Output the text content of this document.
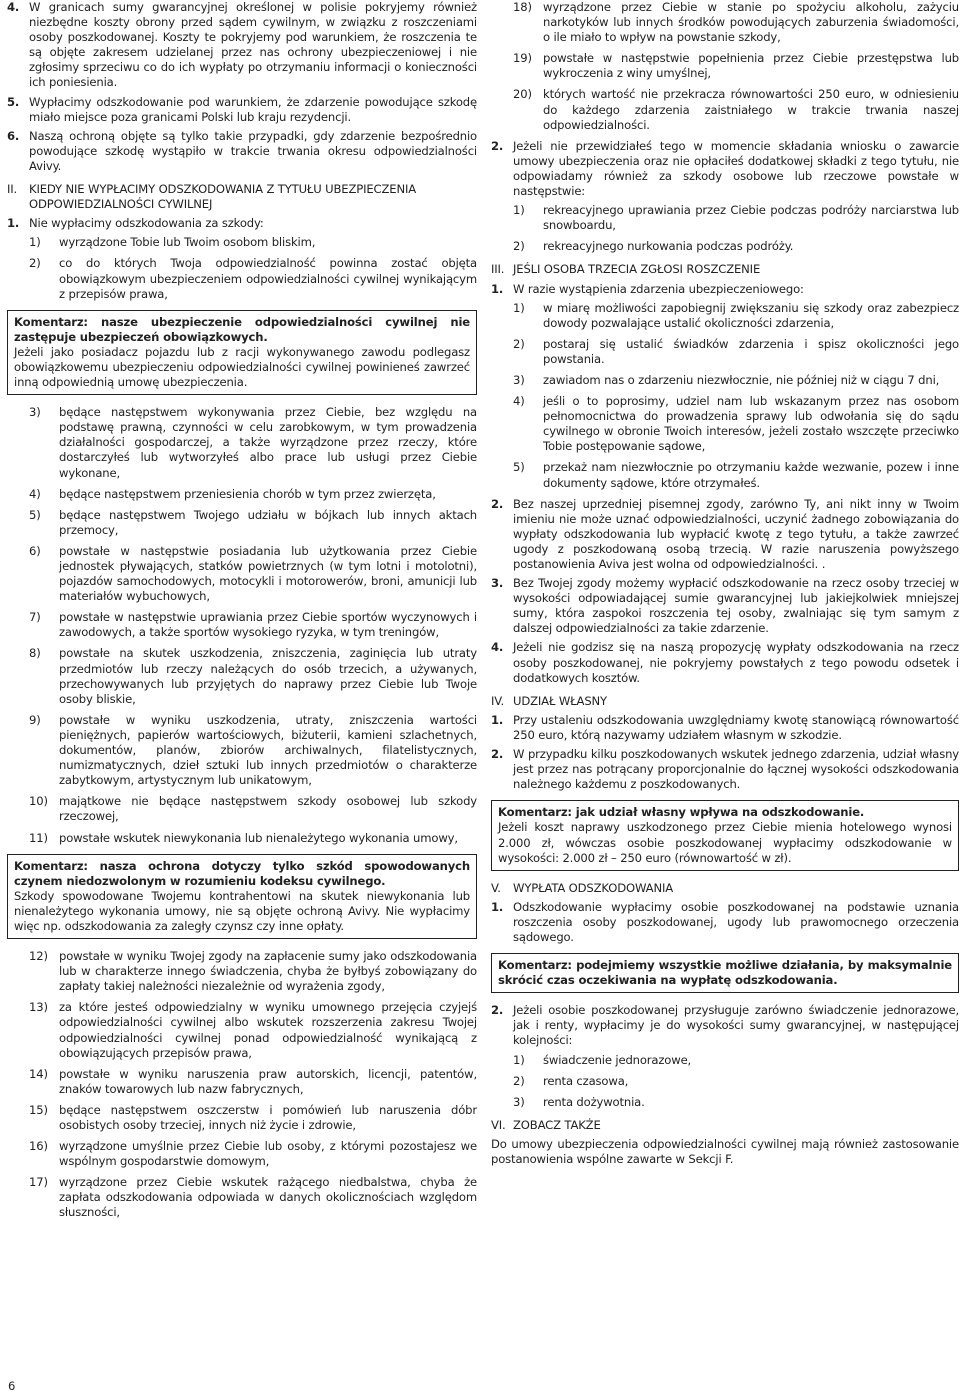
4. W granicach sumy gwarancyjnej określonej w polisie pokryjemy również niezbędne koszty obrony przed sądem cywilnym, w związku z roszczeniami osoby poszkodowanej. Koszty te pokryjemy pod warunkiem, że roszczenia te są objęte zakresem udzielanej przez nas ochrony ubezpieczeniowej i nie zgłosimy sprzeciwu co do ich wypłaty po otrzymaniu informacji o konieczności ich poniesienia.
5. Wypłacimy odszkodowanie pod warunkiem, że zdarzenie powodujące szkodę miało miejsce poza granicami Polski lub kraju rezydencji.
6. Naszą ochroną objęte są tylko takie przypadki, gdy zdarzenie bezpośrednio powodujące szkodę wystąpiło w trakcie trwania okresu odpowiedzialności Avivy.
II.	KIEDY NIE WYPŁACIMY ODSZKODOWANIA Z TYTUŁU UBEZPIECZENIA ODPOWIEDZIALNOŚCI CYWILNEJ
1. Nie wypłacimy odszkodowania za szkody:
1)	wyrządzone Tobie lub Twoim osobom bliskim,
2)	co do których Twoja odpowiedzialność powinna zostać objęta obowiązkowym ubezpieczeniem odpowiedzialności cywilnej wynikającym z przepisów prawa,

Komentarz: nasze ubezpieczenie odpowiedzialności cywilnej nie zastępuje ubezpieczeń obowiązkowych.

Jeżeli jako posiadacz pojazdu lub z racji wykonywanego zawodu podlegasz obowiązkowemu ubezpieczeniu odpowiedzialności cywilnej powinieneś zawrzeć inną odpowiednią umowę ubezpieczenia.

3)	będące następstwem wykonywania przez Ciebie, bez względu na podstawę prawną, czynności w celu zarobkowym, w tym prowadzenia działalności gospodarczej, a także wyrządzone przez rzeczy, które dostarczyłeś lub wytworzyłeś albo prace lub usługi przez Ciebie wykonane,
4)	będące następstwem przeniesienia chorób w tym przez zwierzęta,
5)	będące następstwem Twojego udziału w bójkach lub innych aktach przemocy,
6)	powstałe w następstwie posiadania lub użytkowania przez Ciebie jednostek pływających, statków powietrznych (w tym lotni i motolotni), pojazdów samochodowych, motocykli i motorowerów, broni, amunicji lub materiałów wybuchowych,
7)	powstałe w następstwie uprawiania przez Ciebie sportów wyczynowych i zawodowych, a także sportów wysokiego ryzyka, w tym treningów,
8)	powstałe na skutek uszkodzenia, zniszczenia, zaginięcia lub utraty przedmiotów lub rzeczy należących do osób trzecich, a używanych, przechowywanych lub przyjętych do naprawy przez Ciebie lub Twoje osoby bliskie,
9)	powstałe w wyniku uszkodzenia, utraty, zniszczenia wartości pieniężnych, papierów wartościowych, biżuterii, kamieni szlachetnych, dokumentów, planów, zbiorów archiwalnych, filatelistycznych, numizmatycznych, dzieł sztuki lub innych przedmiotów o charakterze zabytkowym, artystycznym lub unikatowym,
10) majątkowe nie będące następstwem szkody osobowej lub szkody rzeczowej,
11) powstałe wskutek niewykonania lub nienależytego wykonania umowy,

Komentarz: nasza ochrona dotyczy tylko szkód spowodowanych czynem niedozwolonym w rozumieniu kodeksu cywilnego.

Szkody spowodowane Twojemu kontrahentowi na skutek niewykonania lub nienależytego wykonania umowy, nie są objęte ochroną Avivy. Nie wypłacimy więc np. odszkodowania za zaległy czynsz czy inne opłaty.

12) powstałe w wyniku Twojej zgody na zapłacenie sumy jako odszkodowania lub w charakterze innego świadczenia, chyba że byłbyś zobowiązany do zapłaty takiej należności niezależnie od wyrażenia zgody,
13) za które jesteś odpowiedzialny w wyniku umownego przejęcia czyjejś odpowiedzialności cywilnej albo wskutek rozszerzenia zakresu Twojej odpowiedzialności cywilnej ponad odpowiedzialność wynikającą z obowiązujących przepisów prawa,
14) powstałe w wyniku naruszenia praw autorskich, licencji, patentów, znaków towarowych lub nazw fabrycznych,
15) będące następstwem oszczerstw i pomówień lub naruszenia dóbr osobistych osoby trzeciej, innych niż życie i zdrowie,
16) wyrządzone umyślnie przez Ciebie lub osoby, z którymi pozostajesz we wspólnym gospodarstwie domowym,
17) wyrządzone przez Ciebie wskutek rażącego niedbalstwa, chyba że zapłata odszkodowania odpowiada w danych okolicznościach względom słuszności,
18) wyrządzone przez Ciebie w stanie po spożyciu alkoholu, zażyciu narkotyków lub innych środków powodujących zaburzenia świadomości, o ile miało to wpływ na powstanie szkody,
19) powstałe w następstwie popełnienia przez Ciebie przestępstwa lub wykroczenia z winy umyślnej,
20) których wartość nie przekracza równowartości 250 euro, w odniesieniu do każdego zdarzenia zaistniałego w trakcie trwania naszej odpowiedzialności.
2. Jeżeli nie przewidziałeś tego w momencie składania wniosku o zawarcie umowy ubezpieczenia oraz nie opłaciłeś dodatkowej składki z tego tytułu, nie odpowiadamy również za szkody osobowe lub rzeczowe powstałe w następstwie:
1)	rekreacyjnego uprawiania przez Ciebie podczas podróży narciarstwa lub snowboardu,
2)	rekreacyjnego nurkowania podczas podróży.
III. JEŚLI OSOBA TRZECIA ZGŁOSI ROSZCZENIE
1. W razie wystąpienia zdarzenia ubezpieczeniowego:
1)	w miarę możliwości zapobiegnij zwiększaniu się szkody oraz zabezpiecz dowody pozwalające ustalić okoliczności zdarzenia,
2)	postaraj się ustalić świadków zdarzenia i spisz okoliczności jego powstania.
3)	zawiadom nas o zdarzeniu niezwłocznie, nie później niż w ciągu 7 dni,
4)	jeśli o to poprosimy, udziel nam lub wskazanym przez nas osobom pełnomocnictwa do prowadzenia sprawy lub odwołania się do sądu cywilnego w obronie Twoich interesów, jeżeli zostało wszczęte przeciwko Tobie postępowanie sądowe,
5)	przekaż nam niezwłocznie po otrzymaniu każde wezwanie, pozew i inne dokumenty sądowe, które otrzymałeś.
2. Bez naszej uprzedniej pisemnej zgody, zarówno Ty, ani nikt inny w Twoim imieniu nie może uznać odpowiedzialności, uczynić żadnego zobowiązania do wypłaty odszkodowania lub wypłacić kwotę z tego tytułu, a także zawrzeć ugody z poszkodowaną osobą trzecią. W razie naruszenia powyższego postanowienia Aviva jest wolna od odpowiedzialności. .
3. Bez Twojej zgody możemy wypłacić odszkodowanie na rzecz osoby trzeciej w wysokości odpowiadającej sumie gwarancyjnej lub jakiejkolwiek mniejszej sumy, która zaspokoi roszczenia tej osoby, zwalniając się tym samym z dalszej odpowiedzialności za takie zdarzenie.
4. Jeżeli nie godzisz się na naszą propozycję wypłaty odszkodowania na rzecz osoby poszkodowanej, nie pokryjemy powstałych z tego powodu odsetek i dodatkowych kosztów.
IV. UDZIAŁ WŁASNY
1. Przy ustaleniu odszkodowania uwzględniamy kwotę stanowiącą równowartość 250 euro, którą nazywamy udziałem własnym w szkodzie.
2. W przypadku kilku poszkodowanych wskutek jednego zdarzenia, udział własny jest przez nas potrącany proporcjonalnie do łącznej wysokości odszkodowania należnego każdemu z poszkodowanych.

Komentarz: jak udział własny wpływa na odszkodowanie.

Jeżeli koszt naprawy uszkodzonego przez Ciebie mienia hotelowego wynosi 2.000 zł, wówczas osobie poszkodowanej wypłacimy odszkodowanie w wysokości: 2.000 zł – 250 euro (równowartość w zł).

V.	WYPŁATA ODSZKODOWANIA
1. Odszkodowanie wypłacimy osobie poszkodowanej na podstawie uznania roszczenia osoby poszkodowanej, ugody lub prawomocnego orzeczenia sądowego.

Komentarz: podejmiemy wszystkie możliwe działania, by maksymalnie skrócić czas oczekiwania na wypłatę odszkodowania.

2. Jeżeli osobie poszkodowanej przysługuje zarówno świadczenie jednorazowe, jak i renty, wypłacimy je do wysokości sumy gwarancyjnej, w następującej kolejności:
1)	świadczenie jednorazowe,
2)	renta czasowa,
3)	renta dożywotnia.
VI. ZOBACZ TAKŻE

Do umowy ubezpieczenia odpowiedzialności cywilnej mają również zastosowanie postanowienia wspólne zawarte w Sekcji F.

6
